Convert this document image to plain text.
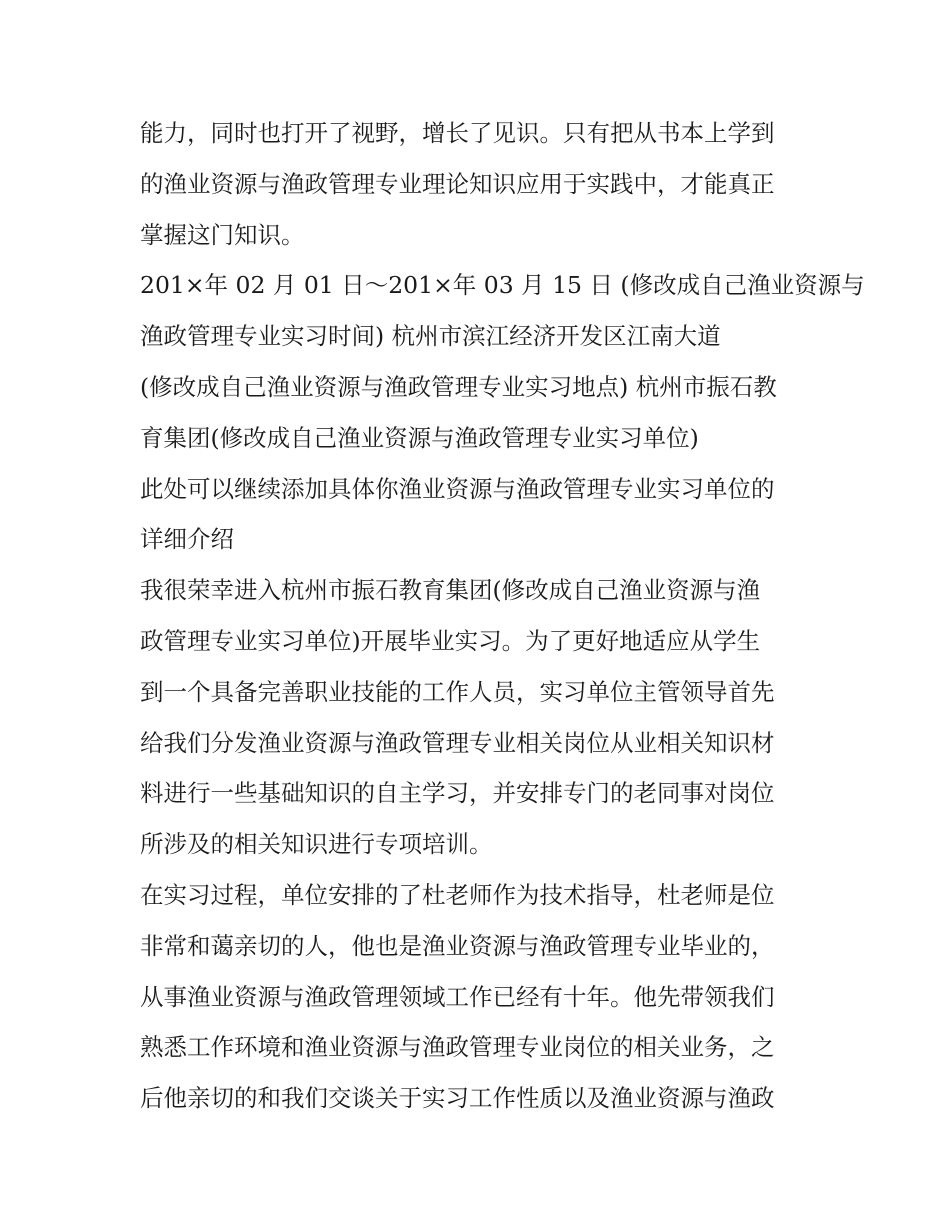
能力，同时也打开了视野，增长了见识。只有把从书本上学到

的渔业资源与渔政管理专业理论知识应用于实践中，才能真正

掌握这门知识。

201×年 02 月 01 日～201×年 03 月 15 日 (修改成自己渔业资源与

渔政管理专业实习时间) 杭州市滨江经济开发区江南大道

(修改成自己渔业资源与渔政管理专业实习地点) 杭州市振石教

育集团(修改成自己渔业资源与渔政管理专业实习单位)

此处可以继续添加具体你渔业资源与渔政管理专业实习单位的

详细介绍

我很荣幸进入杭州市振石教育集团(修改成自己渔业资源与渔

政管理专业实习单位)开展毕业实习。为了更好地适应从学生

到一个具备完善职业技能的工作人员，实习单位主管领导首先

给我们分发渔业资源与渔政管理专业相关岗位从业相关知识材

料进行一些基础知识的自主学习，并安排专门的老同事对岗位

所涉及的相关知识进行专项培训。

在实习过程，单位安排的了杜老师作为技术指导，杜老师是位

非常和蔼亲切的人，他也是渔业资源与渔政管理专业毕业的，

从事渔业资源与渔政管理领域工作已经有十年。他先带领我们

熟悉工作环境和渔业资源与渔政管理专业岗位的相关业务，之

后他亲切的和我们交谈关于实习工作性质以及渔业资源与渔政
